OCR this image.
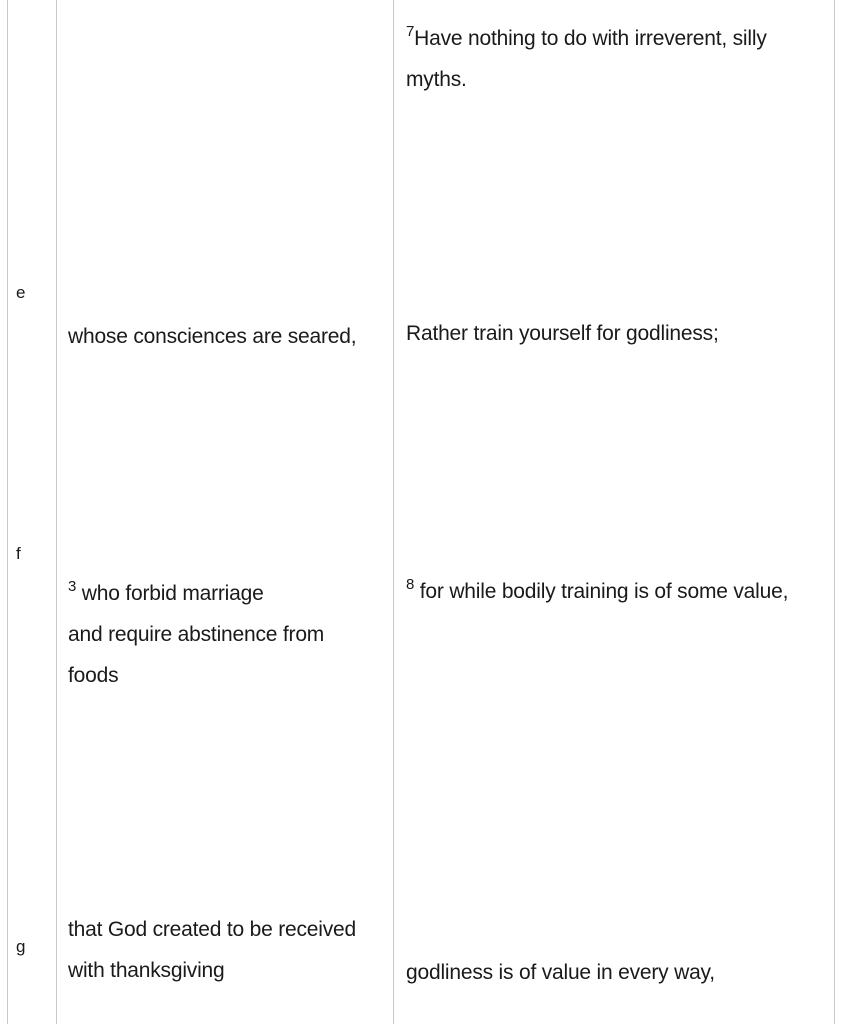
$^7$Have nothing to do with irreverent, silly
myths.
e
whose consciences are seared,	Rather train yourself for godliness;
f
$^3$ who forbid marriage
and require abstinence from
foods
$^8$ for while bodily training is of some value,
g
that God created to be received
with thanksgiving	godliness is of value in every way,
